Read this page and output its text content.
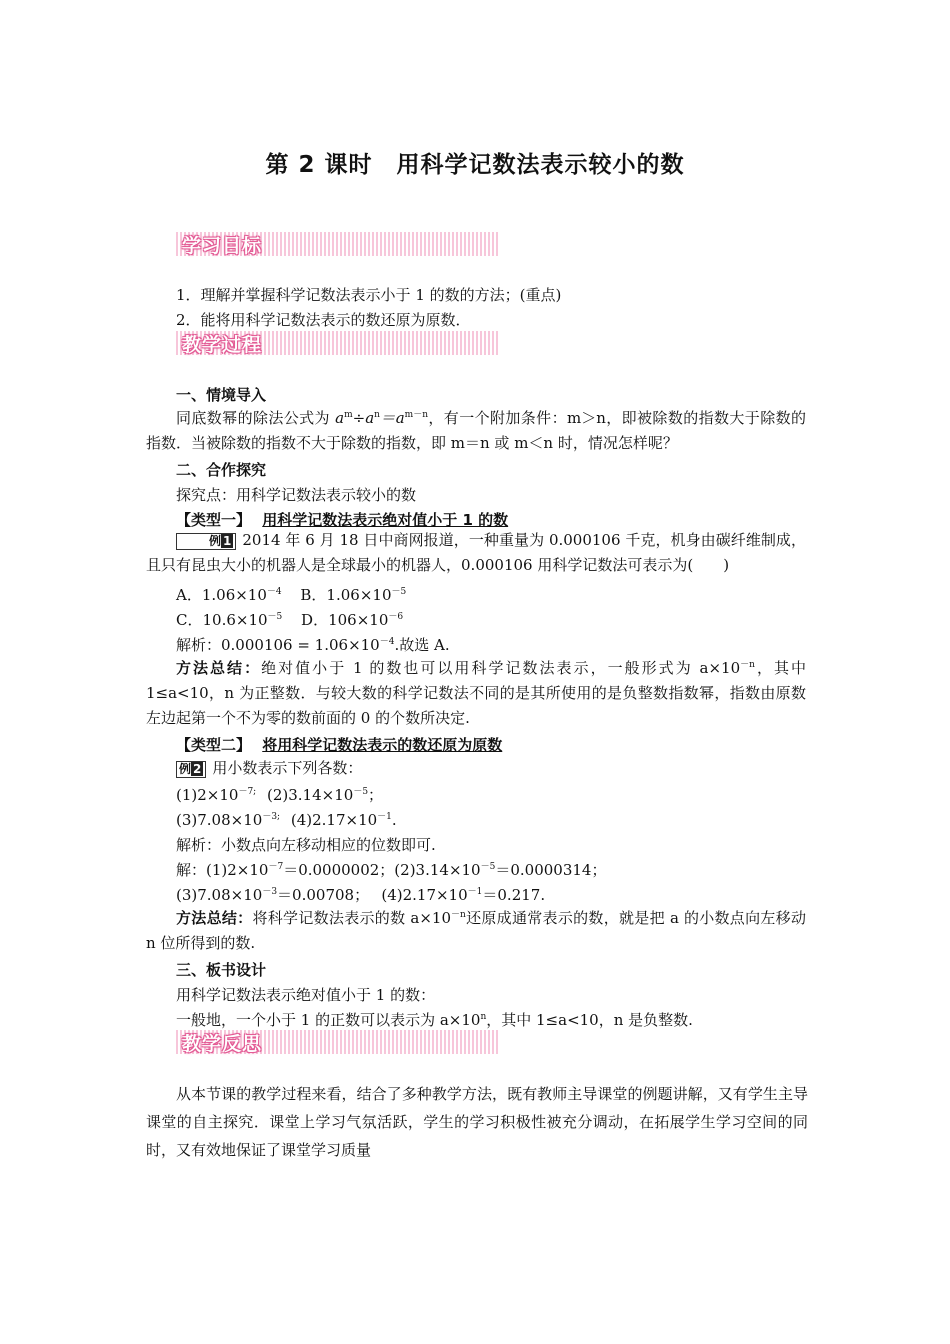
第 2 课时　用科学记数法表示较小的数
学习目标
1．理解并掌握科学记数法表示小于 1 的数的方法；(重点)
2．能将用科学记数法表示的数还原为原数．
教学过程
一、情境导入
同底数幂的除法公式为 $a^m\div a^n=a^{m-n}$，有一个附加条件：m＞n，即被除数的指数大于除数的指数．当被除数的指数不大于除数的指数，即 m＝n 或 m＜n 时，情况怎样呢？
二、合作探究
探究点：用科学记数法表示较小的数
【类型一】 用科学记数法表示绝对值小于 1 的数
例 1 2014 年 6 月 18 日中商网报道，一种重量为 0.000106 千克，机身由碳纤维制成，且只有昆虫大小的机器人是全球最小的机器人，0.000106 用科学记数法可表示为(　　)
A．$1.06\times 10^{-4}$ B．$1.06\times 10^{-5}$
C．$10.6\times 10^{-5}$ D．$106\times 10^{-6}$
解析：$0.000106 = 1.06\times 10^{-4}$.故选 A.
方法总结：绝对值小于 1 的数也可以用科学记数法表示，一般形式为 $a\times 10^{-n}$，其中 1≤a<10，n 为正整数．与较大数的科学记数法不同的是其所使用的是负整数指数幂，指数由原数左边起第一个不为零的数前面的 0 的个数所决定.
【类型二】 将用科学记数法表示的数还原为原数
例 2 用小数表示下列各数：
$(1)2\times 10^{-7;}$ $(2)3.14\times 10^{-5}$；
$(3)7.08\times 10^{-3;}$ $(4)2.17\times 10^{-1}$.
解析：小数点向左移动相应的位数即可.
解：$(1)2\times 10^{-7}=0.0000002$；$(2)3.14\times 10^{-5}=0.0000314$；
$(3)7.08\times 10^{-3}=0.00708$；　 $(4)2.17\times 10^{-1}=0.217$.
方法总结：将科学记数法表示的数 $a\times 10^{-n}$还原成通常表示的数，就是把 a 的小数点向左移动 n 位所得到的数.
三、板书设计
用科学记数法表示绝对值小于 1 的数：
一般地，一个小于 1 的正数可以表示为 $a\times 10^n$，其中 1≤a<10，n 是负整数.
教学反思
从本节课的教学过程来看，结合了多种教学方法，既有教师主导课堂的例题讲解，又有学生主导课堂的自主探究．课堂上学习气氛活跃，学生的学习积极性被充分调动，在拓展学生学习空间的同时，又有效地保证了课堂学习质量
